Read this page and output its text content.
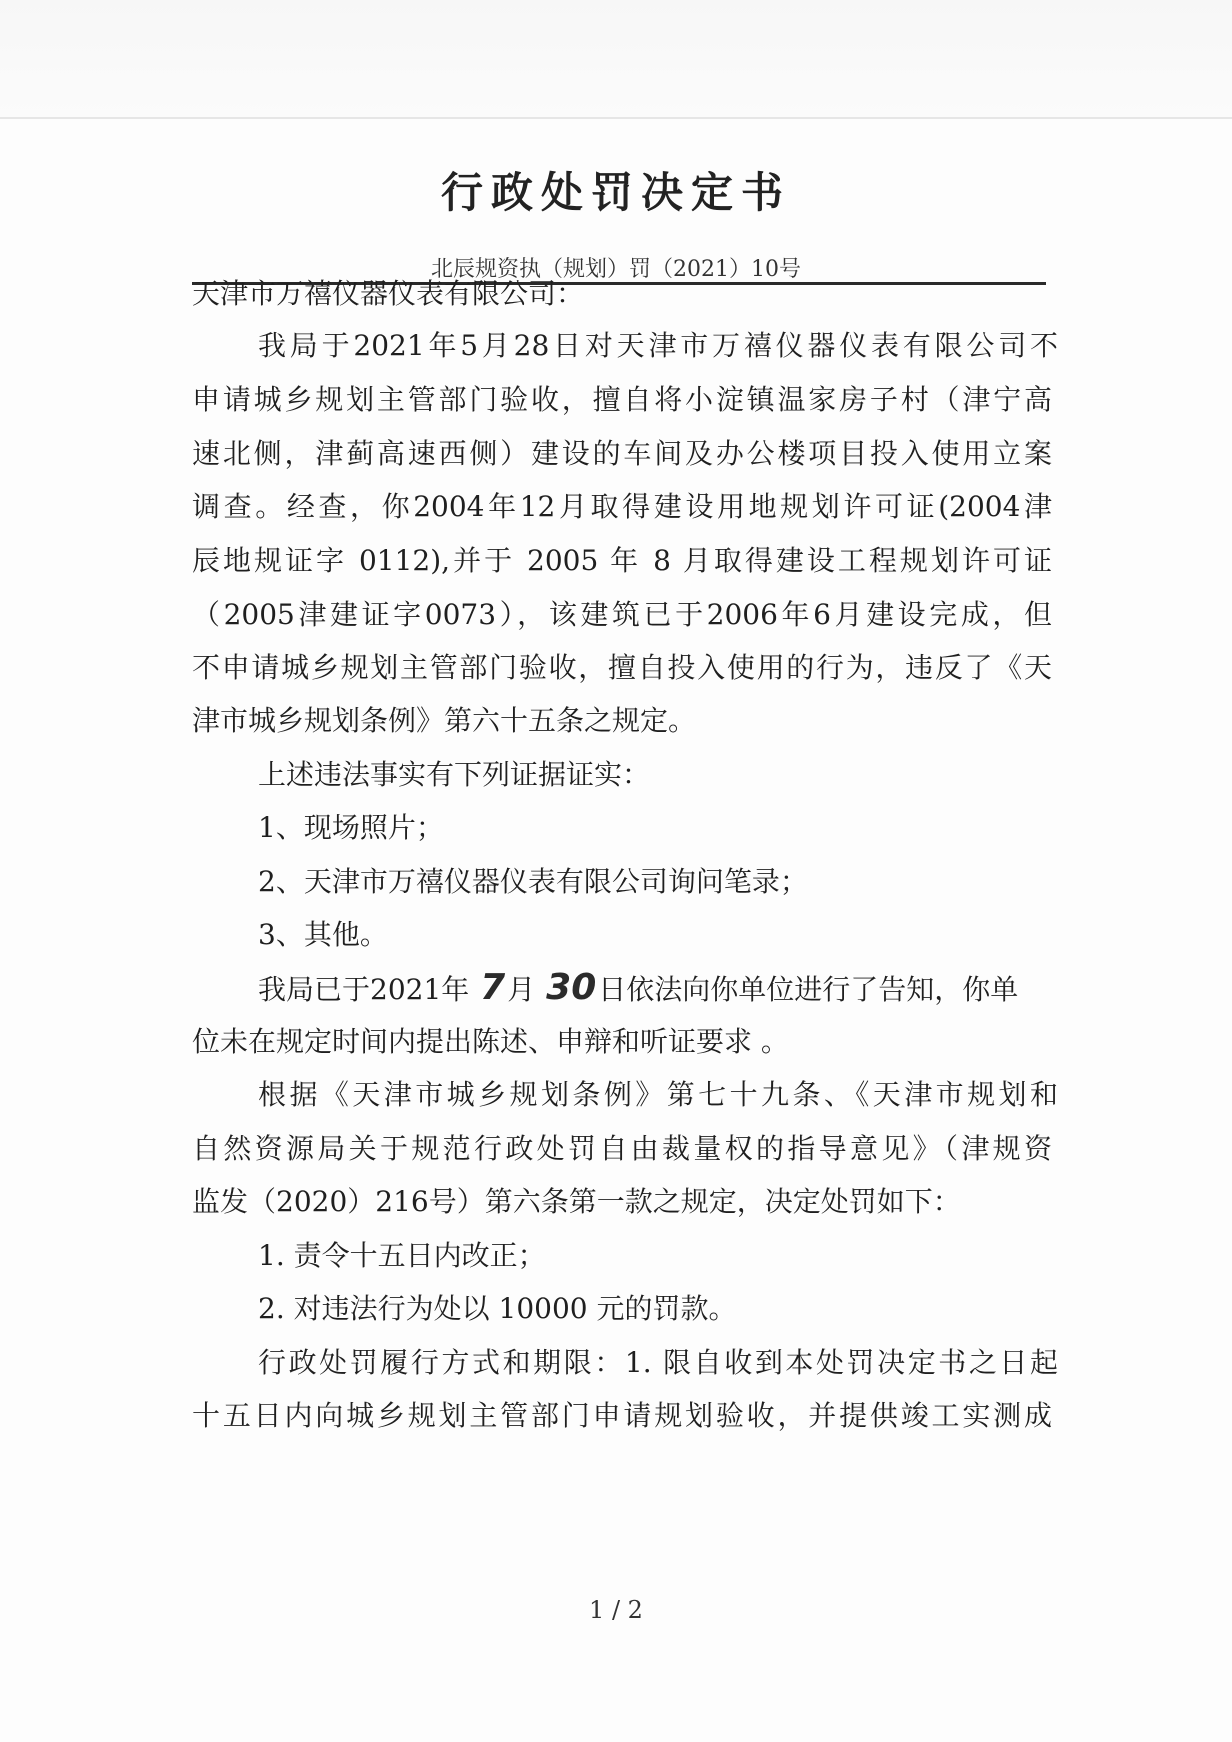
行政处罚决定书
北辰规资执（规划）罚（2021）10号
天津市万禧仪器仪表有限公司：
我局于2021年5月28日对天津市万禧仪器仪表有限公司不
申请城乡规划主管部门验收，擅自将小淀镇温家房子村（津宁高
速北侧，津蓟高速西侧）建设的车间及办公楼项目投入使用立案
调查。经查，你2004年12月取得建设用地规划许可证(2004津
辰地规证字 0112),并于 2005 年 8 月取得建设工程规划许可证
（2005津建证字0073），该建筑已于2006年6月建设完成，但
不申请城乡规划主管部门验收，擅自投入使用的行为，违反了《天
津市城乡规划条例》第六十五条之规定。
上述违法事实有下列证据证实：
1、现场照片；
2、天津市万禧仪器仪表有限公司询问笔录；
3、其他。
我局已于2021年 7月 30日依法向你单位进行了告知，你单
位未在规定时间内提出陈述、申辩和听证要求 。
根据《天津市城乡规划条例》第七十九条、《天津市规划和
自然资源局关于规范行政处罚自由裁量权的指导意见》（津规资
监发（2020）216号）第六条第一款之规定，决定处罚如下：
1. 责令十五日内改正；
2. 对违法行为处以 10000 元的罚款。
行政处罚履行方式和期限：1. 限自收到本处罚决定书之日起
十五日内向城乡规划主管部门申请规划验收，并提供竣工实测成
1 / 2
